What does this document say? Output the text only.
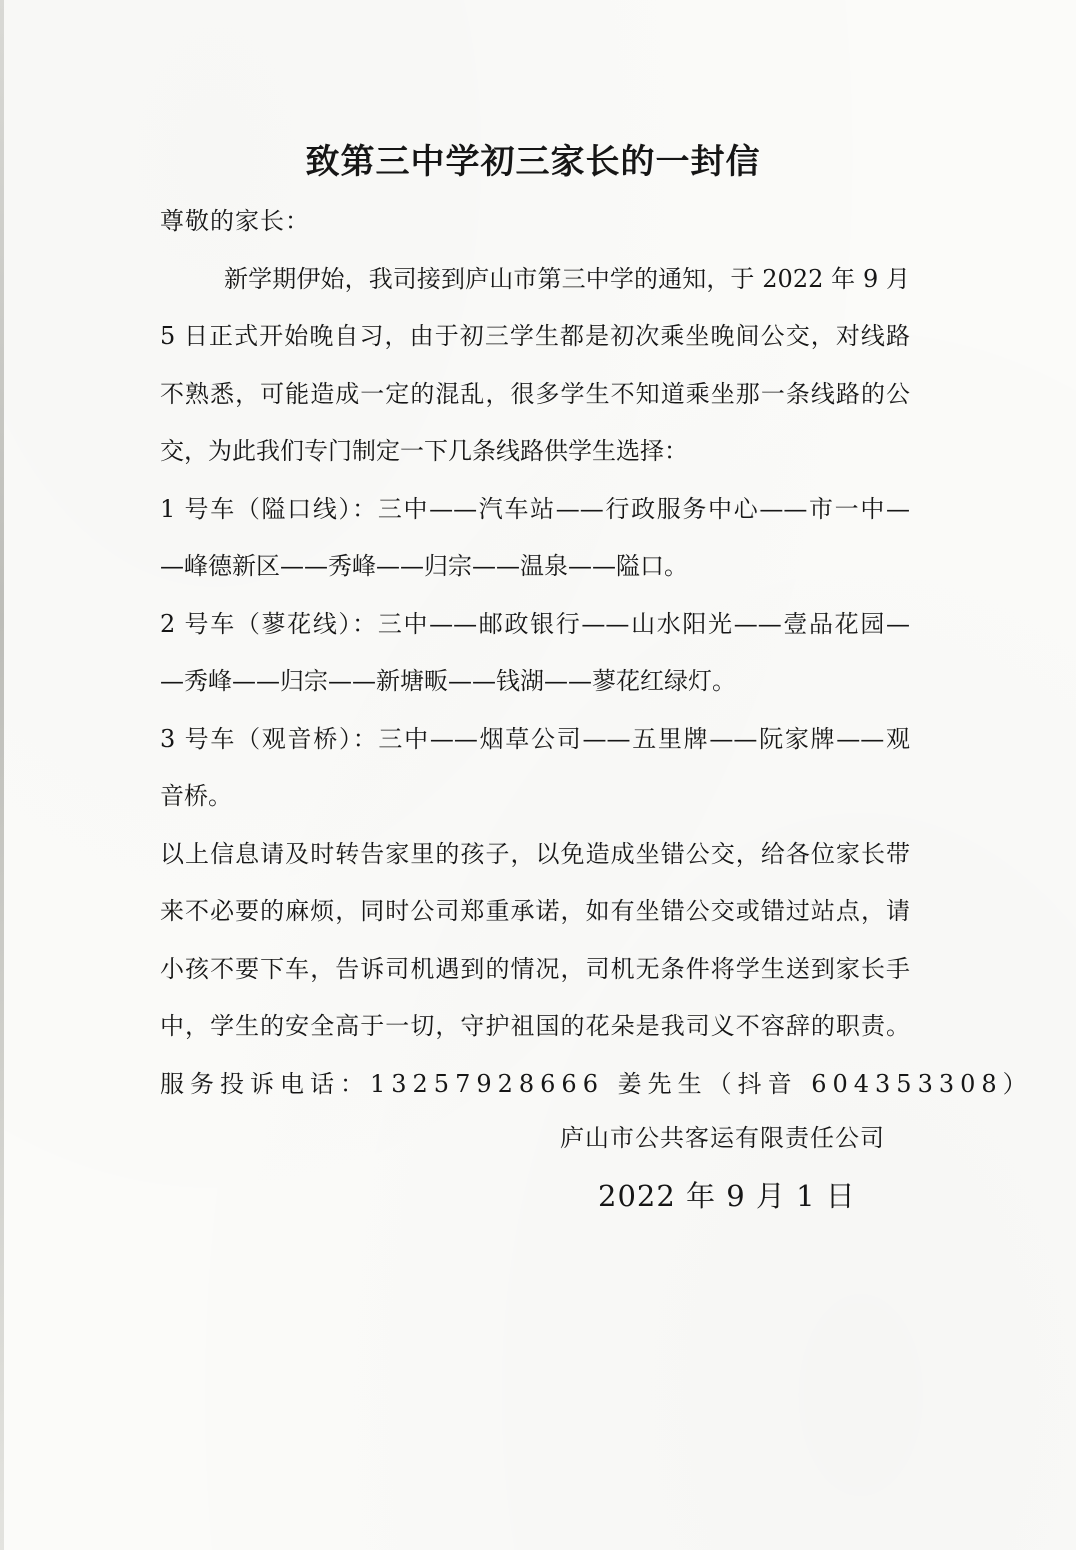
致第三中学初三家长的一封信
尊敬的家长：
新学期伊始，我司接到庐山市第三中学的通知，于 2022 年 9 月
5 日正式开始晚自习，由于初三学生都是初次乘坐晚间公交，对线路
不熟悉，可能造成一定的混乱，很多学生不知道乘坐那一条线路的公
交，为此我们专门制定一下几条线路供学生选择：
1 号车（隘口线）：三中——汽车站——行政服务中心——市一中—
—峰德新区——秀峰——归宗——温泉——隘口。
2 号车（蓼花线）：三中——邮政银行——山水阳光——壹品花园—
—秀峰——归宗——新塘畈——钱湖——蓼花红绿灯。
3 号车（观音桥）：三中——烟草公司——五里牌——阮家牌——观
音桥。
以上信息请及时转告家里的孩子，以免造成坐错公交，给各位家长带
来不必要的麻烦，同时公司郑重承诺，如有坐错公交或错过站点，请
小孩不要下车，告诉司机遇到的情况，司机无条件将学生送到家长手
中，学生的安全高于一切，守护祖国的花朵是我司义不容辞的职责。
服务投诉电话：13257928666 姜先生（抖音 604353308）
庐山市公共客运有限责任公司
2022 年 9 月 1 日
